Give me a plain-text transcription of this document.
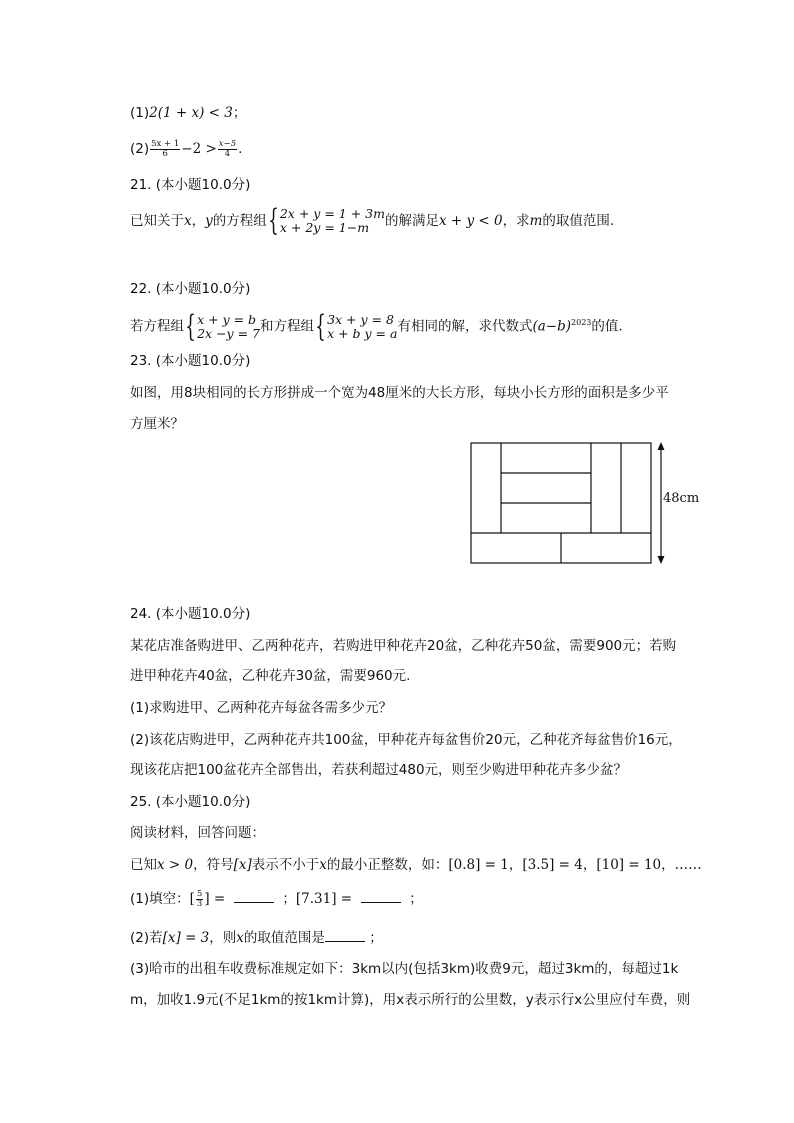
(1)2(1 + x) < 3；
$(2) \frac{5x + 1}{6} -2 > \frac{x-5}{4}$ .
21. (本小题10.0分)
已知关于x，y的方程组{ 2x + y = 1 + 3m
x + 2y = 1−m	的解满足x + y < 0，求m的取值范围.
22. (本小题10.0分)
若方程组{ x + y = b
2x −y = 7 和方程组{ 3x + y = 8
x + b y = a 有相同的解，求代数式$(a-b)^{2023}$的值.
23. (本小题10.0分)
如图，用8块相同的长方形拼成一个宽为48厘米的大长方形，每块小长方形的面积是多少平
方厘米？
48cm
24. (本小题10.0分)
某花店准备购进甲、乙两种花卉，若购进甲种花卉20盆，乙种花卉50盆，需要900元；若购
进甲种花卉40盆，乙种花卉30盆，需要960元.
(1)求购进甲、乙两种花卉每盆各需多少元？
(2)该花店购进甲，乙两种花卉共100盆，甲种花卉每盆售价20元，乙种花齐每盆售价16元，
现该花店把100盆花卉全部售出，若获利超过480元，则至少购进甲种花卉多少盆？
25. (本小题10.0分)
阅读材料，回答问题：
已知x > 0，符号[x]表示不小于x的最小正整数，如：[0.8] = 1，[3.5] = 4，[10] = 10，……
(1)填空：[ $\frac{5}{3}$ ] =	；[7.31] =	；
(2)若[x] = 3，则x的取值范围是	；
(3)哈市的出租车收费标准规定如下：3km以内(包括3km)收费9元，超过3km的，每超过1k
m，加收1.9元(不足1km的按1km计算)，用x表示所行的公里数，y表示行x公里应付车费，则
